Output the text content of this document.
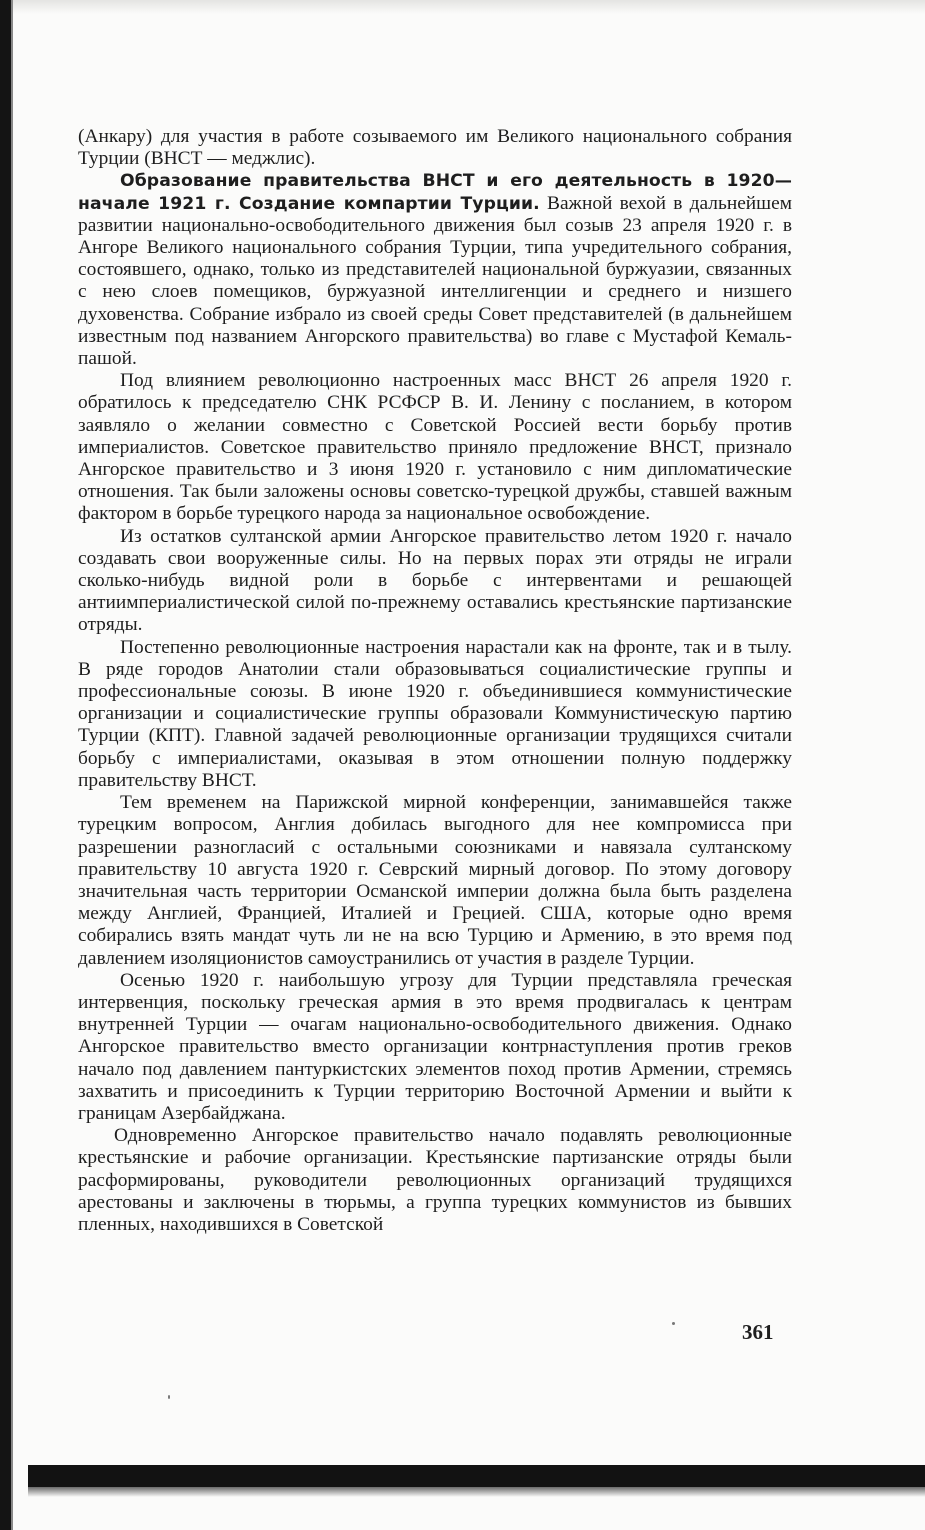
(Анкару) для участия в работе созываемого им Великого национального собрания Турции (ВНСТ — меджлис).

Образование правительства ВНСТ и его деятельность в 1920—начале 1921 г. Создание компартии Турции. Важной вехой в дальнейшем развитии национально-освободительного движения был созыв 23 апреля 1920 г. в Ангоре Великого национального собрания Турции, типа учредительного собрания, состоявшего, однако, только из представителей национальной буржуазии, связанных с нею слоев помещиков, буржуазной интеллигенции и среднего и низшего духовенства. Собрание избрало из своей среды Совет представителей (в дальнейшем известным под названием Ангорского правительства) во главе с Мустафой Кемаль-пашой.

Под влиянием революционно настроенных масс ВНСТ 26 апреля 1920 г. обратилось к председателю СНК РСФСР В. И. Ленину с посланием, в котором заявляло о желании совместно с Советской Россией вести борьбу против империалистов. Советское правительство приняло предложение ВНСТ, признало Ангорское правительство и 3 июня 1920 г. установило с ним дипломатические отношения. Так были заложены основы советско-турецкой дружбы, ставшей важным фактором в борьбе турецкого народа за национальное освобождение.

Из остатков султанской армии Ангорское правительство летом 1920 г. начало создавать свои вооруженные силы. Но на первых порах эти отряды не играли сколько-нибудь видной роли в борьбе с интервентами и решающей антиимпериалистической силой по-прежнему оставались крестьянские партизанские отряды.

Постепенно революционные настроения нарастали как на фронте, так и в тылу. В ряде городов Анатолии стали образовываться социалистические группы и профессиональные союзы. В июне 1920 г. объединившиеся коммунистические организации и социалистические группы образовали Коммунистическую партию Турции (КПТ). Главной задачей революционные организации трудящихся считали борьбу с империалистами, оказывая в этом отношении полную поддержку правительству ВНСТ.

Тем временем на Парижской мирной конференции, занимавшейся также турецким вопросом, Англия добилась выгодного для нее компромисса при разрешении разногласий с остальными союзниками и навязала султанскому правительству 10 августа 1920 г. Севрский мирный договор. По этому договору значительная часть территории Османской империи должна была быть разделена между Англией, Францией, Италией и Грецией. США, которые одно время собирались взять мандат чуть ли не на всю Турцию и Армению, в это время под давлением изоляционистов самоустранились от участия в разделе Турции.

Осенью 1920 г. наибольшую угрозу для Турции представляла греческая интервенция, поскольку греческая армия в это время продвигалась к центрам внутренней Турции — очагам национально-освободительного движения. Однако Ангорское правительство вместо организации контрнаступления против греков начало под давлением пантуркистских элементов поход против Армении, стремясь захватить и присоединить к Турции территорию Восточной Армении и выйти к границам Азербайджана.

Одновременно Ангорское правительство начало подавлять революционные крестьянские и рабочие организации. Крестьянские партизанские отряды были расформированы, руководители революционных организаций трудящихся арестованы и заключены в тюрьмы, а группа турецких коммунистов из бывших пленных, находившихся в Советской

361
